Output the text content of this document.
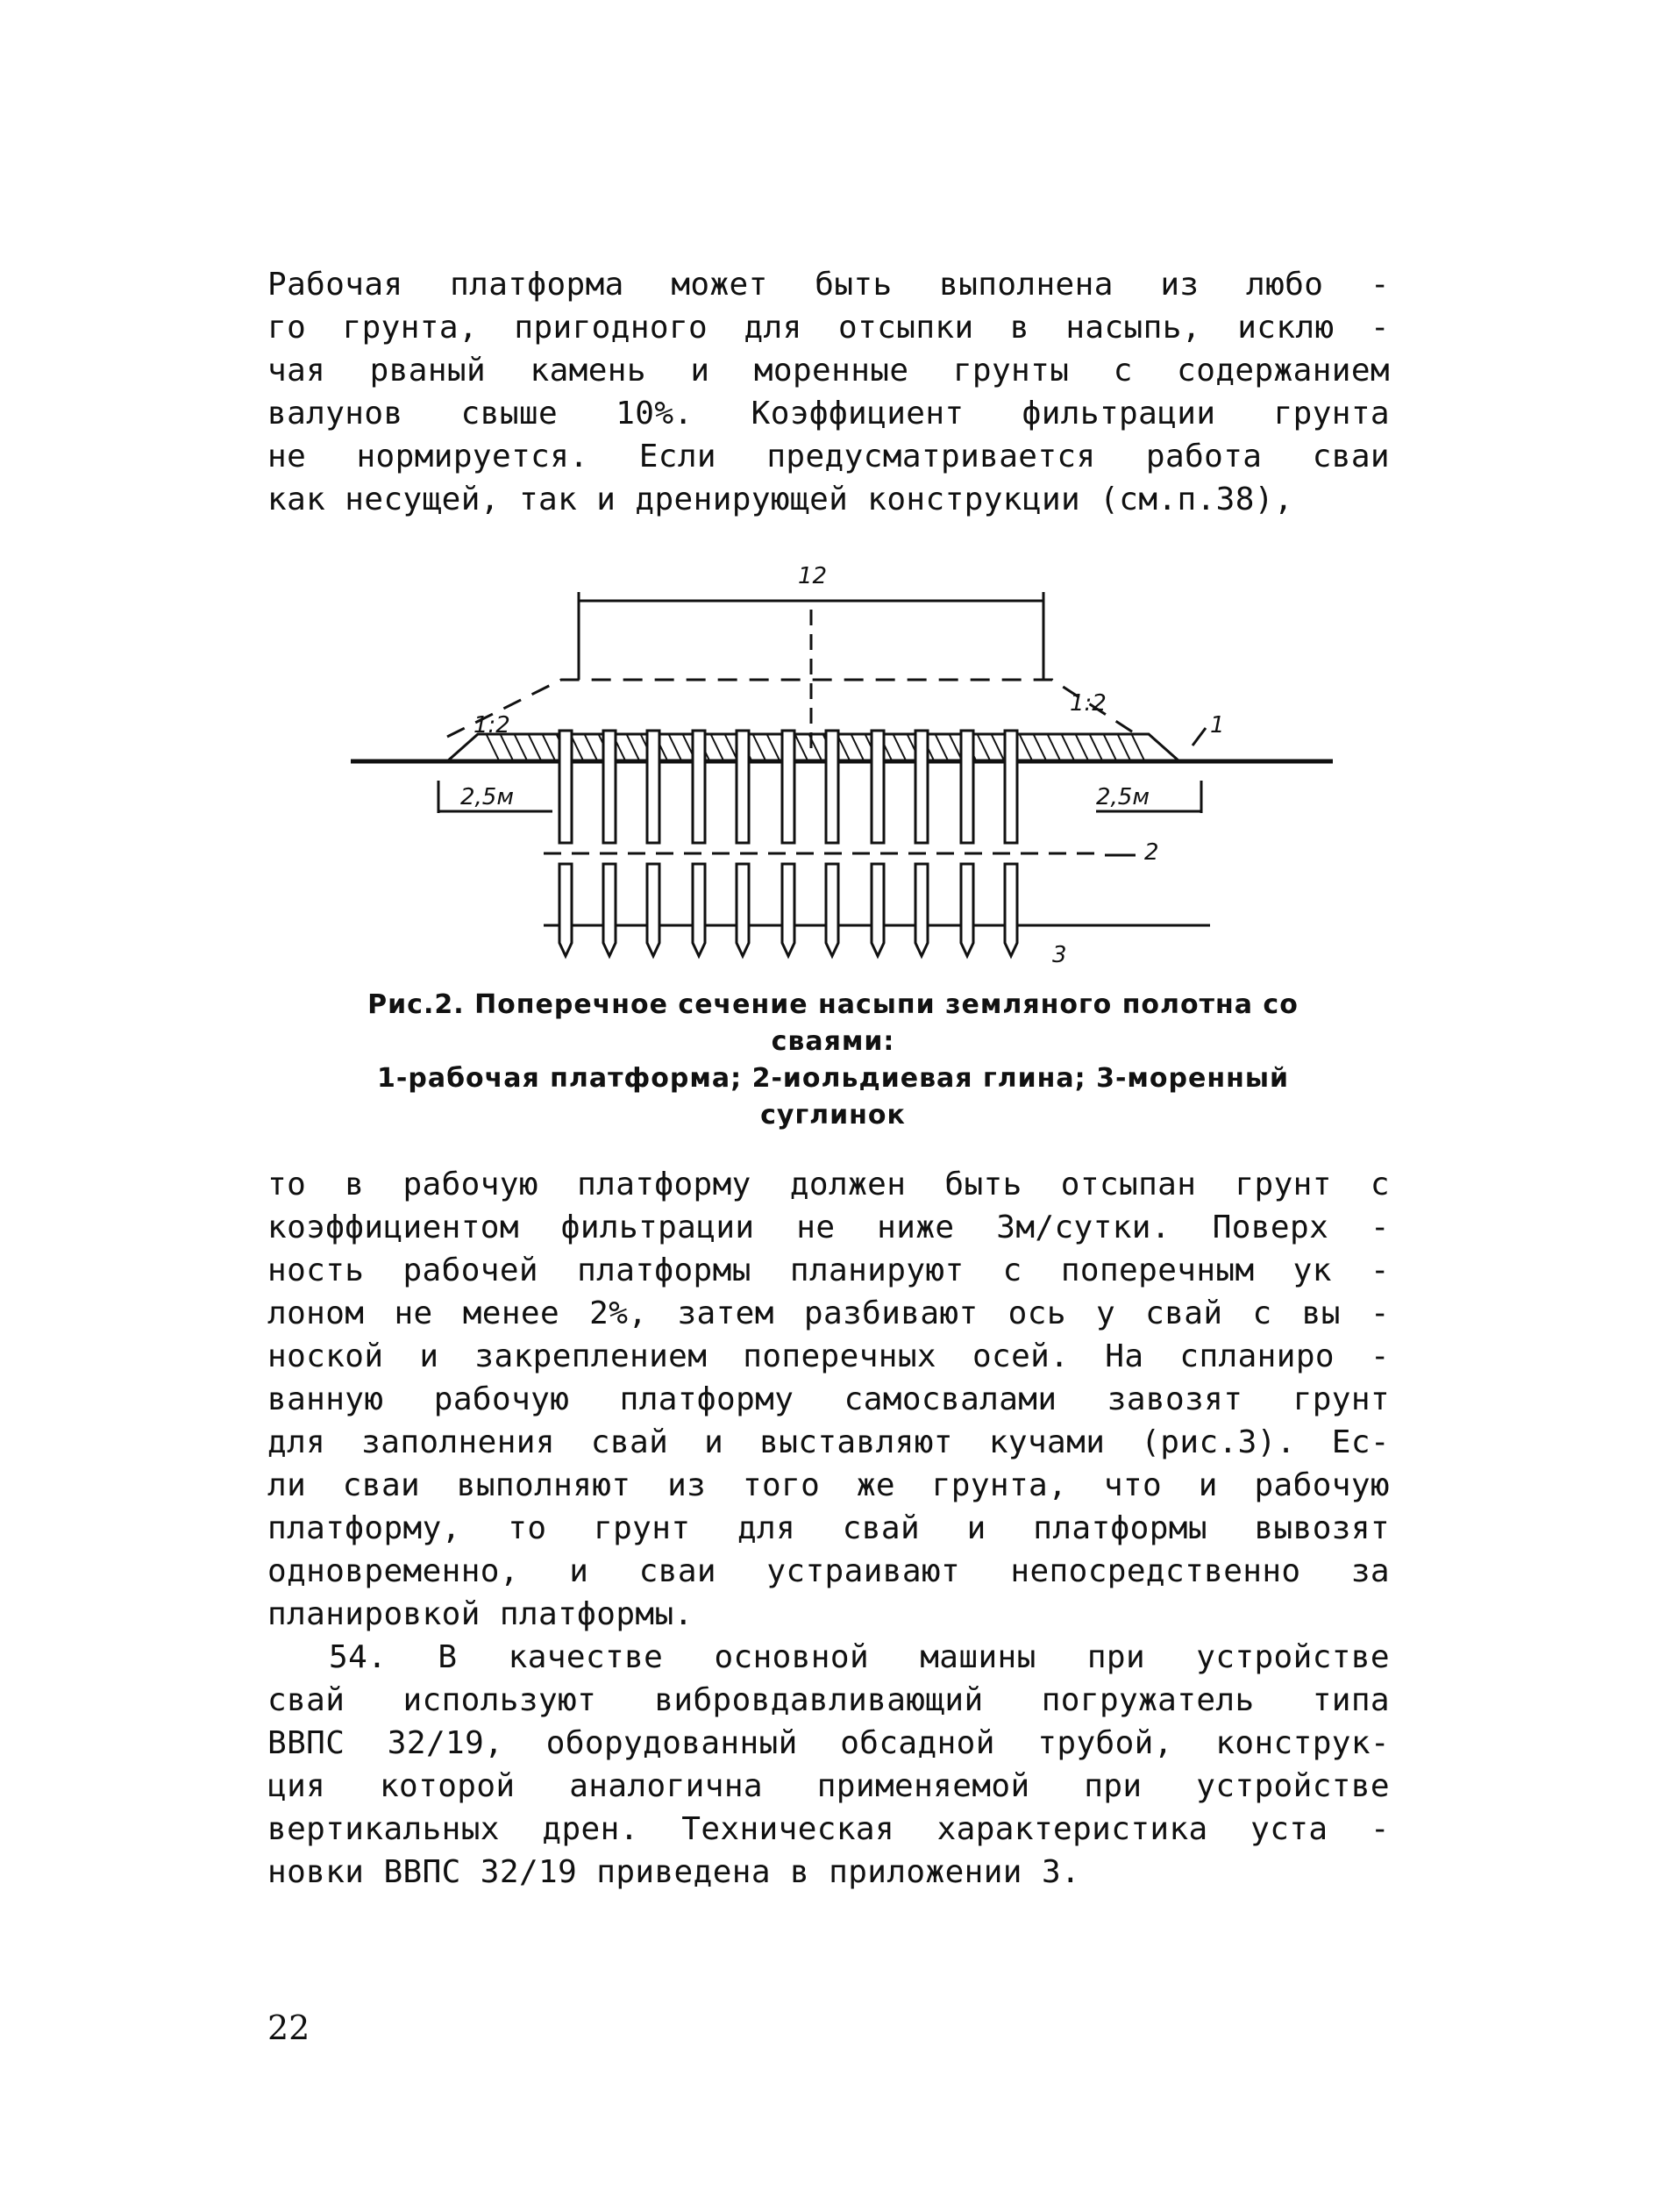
Рабочая платформа может быть выполнена из любо -
го грунта, пригодного для отсыпки в насыпь, исклю -
чая рваный камень и моренные грунты с содержанием
валунов свыше 10%. Коэффициент фильтрации грунта
не нормируется. Если предусматривается работа сваи
как несущей, так и дренирующей конструкции (см.п.38),
12
1:2
1:2
2,5м	2,5м
1
2
3
Рис.2. Поперечное сечение насыпи земляного полотна со
сваями:
1-рабочая платформа; 2-иольдиевая глина; 3-моренный
суглинок
то в рабочую платформу должен быть отсыпан грунт с
коэффициентом фильтрации не ниже 3м/сутки. Поверх -
ность рабочей платформы планируют с поперечным ук -
лоном не менее 2%, затем разбивают ось у свай с вы -
ноской и закреплением поперечных осей. На спланиро -
ванную рабочую платформу самосвалами завозят грунт
для заполнения свай и выставляют кучами (рис.3). Ес-
ли сваи выполняют из того же грунта, что и рабочую
платформу, то грунт для свай и платформы вывозят
одновременно, и сваи устраивают непосредственно за
планировкой платформы.
54. В качестве основной машины при устройстве
свай используют вибровдавливающий погружатель типа
ВВПС 32/19, оборудованный обсадной трубой, конструк-
ция которой аналогична применяемой при устройстве
вертикальных дрен. Техническая характеристика уста -
новки ВВПС 32/19 приведена в приложении 3.
22
